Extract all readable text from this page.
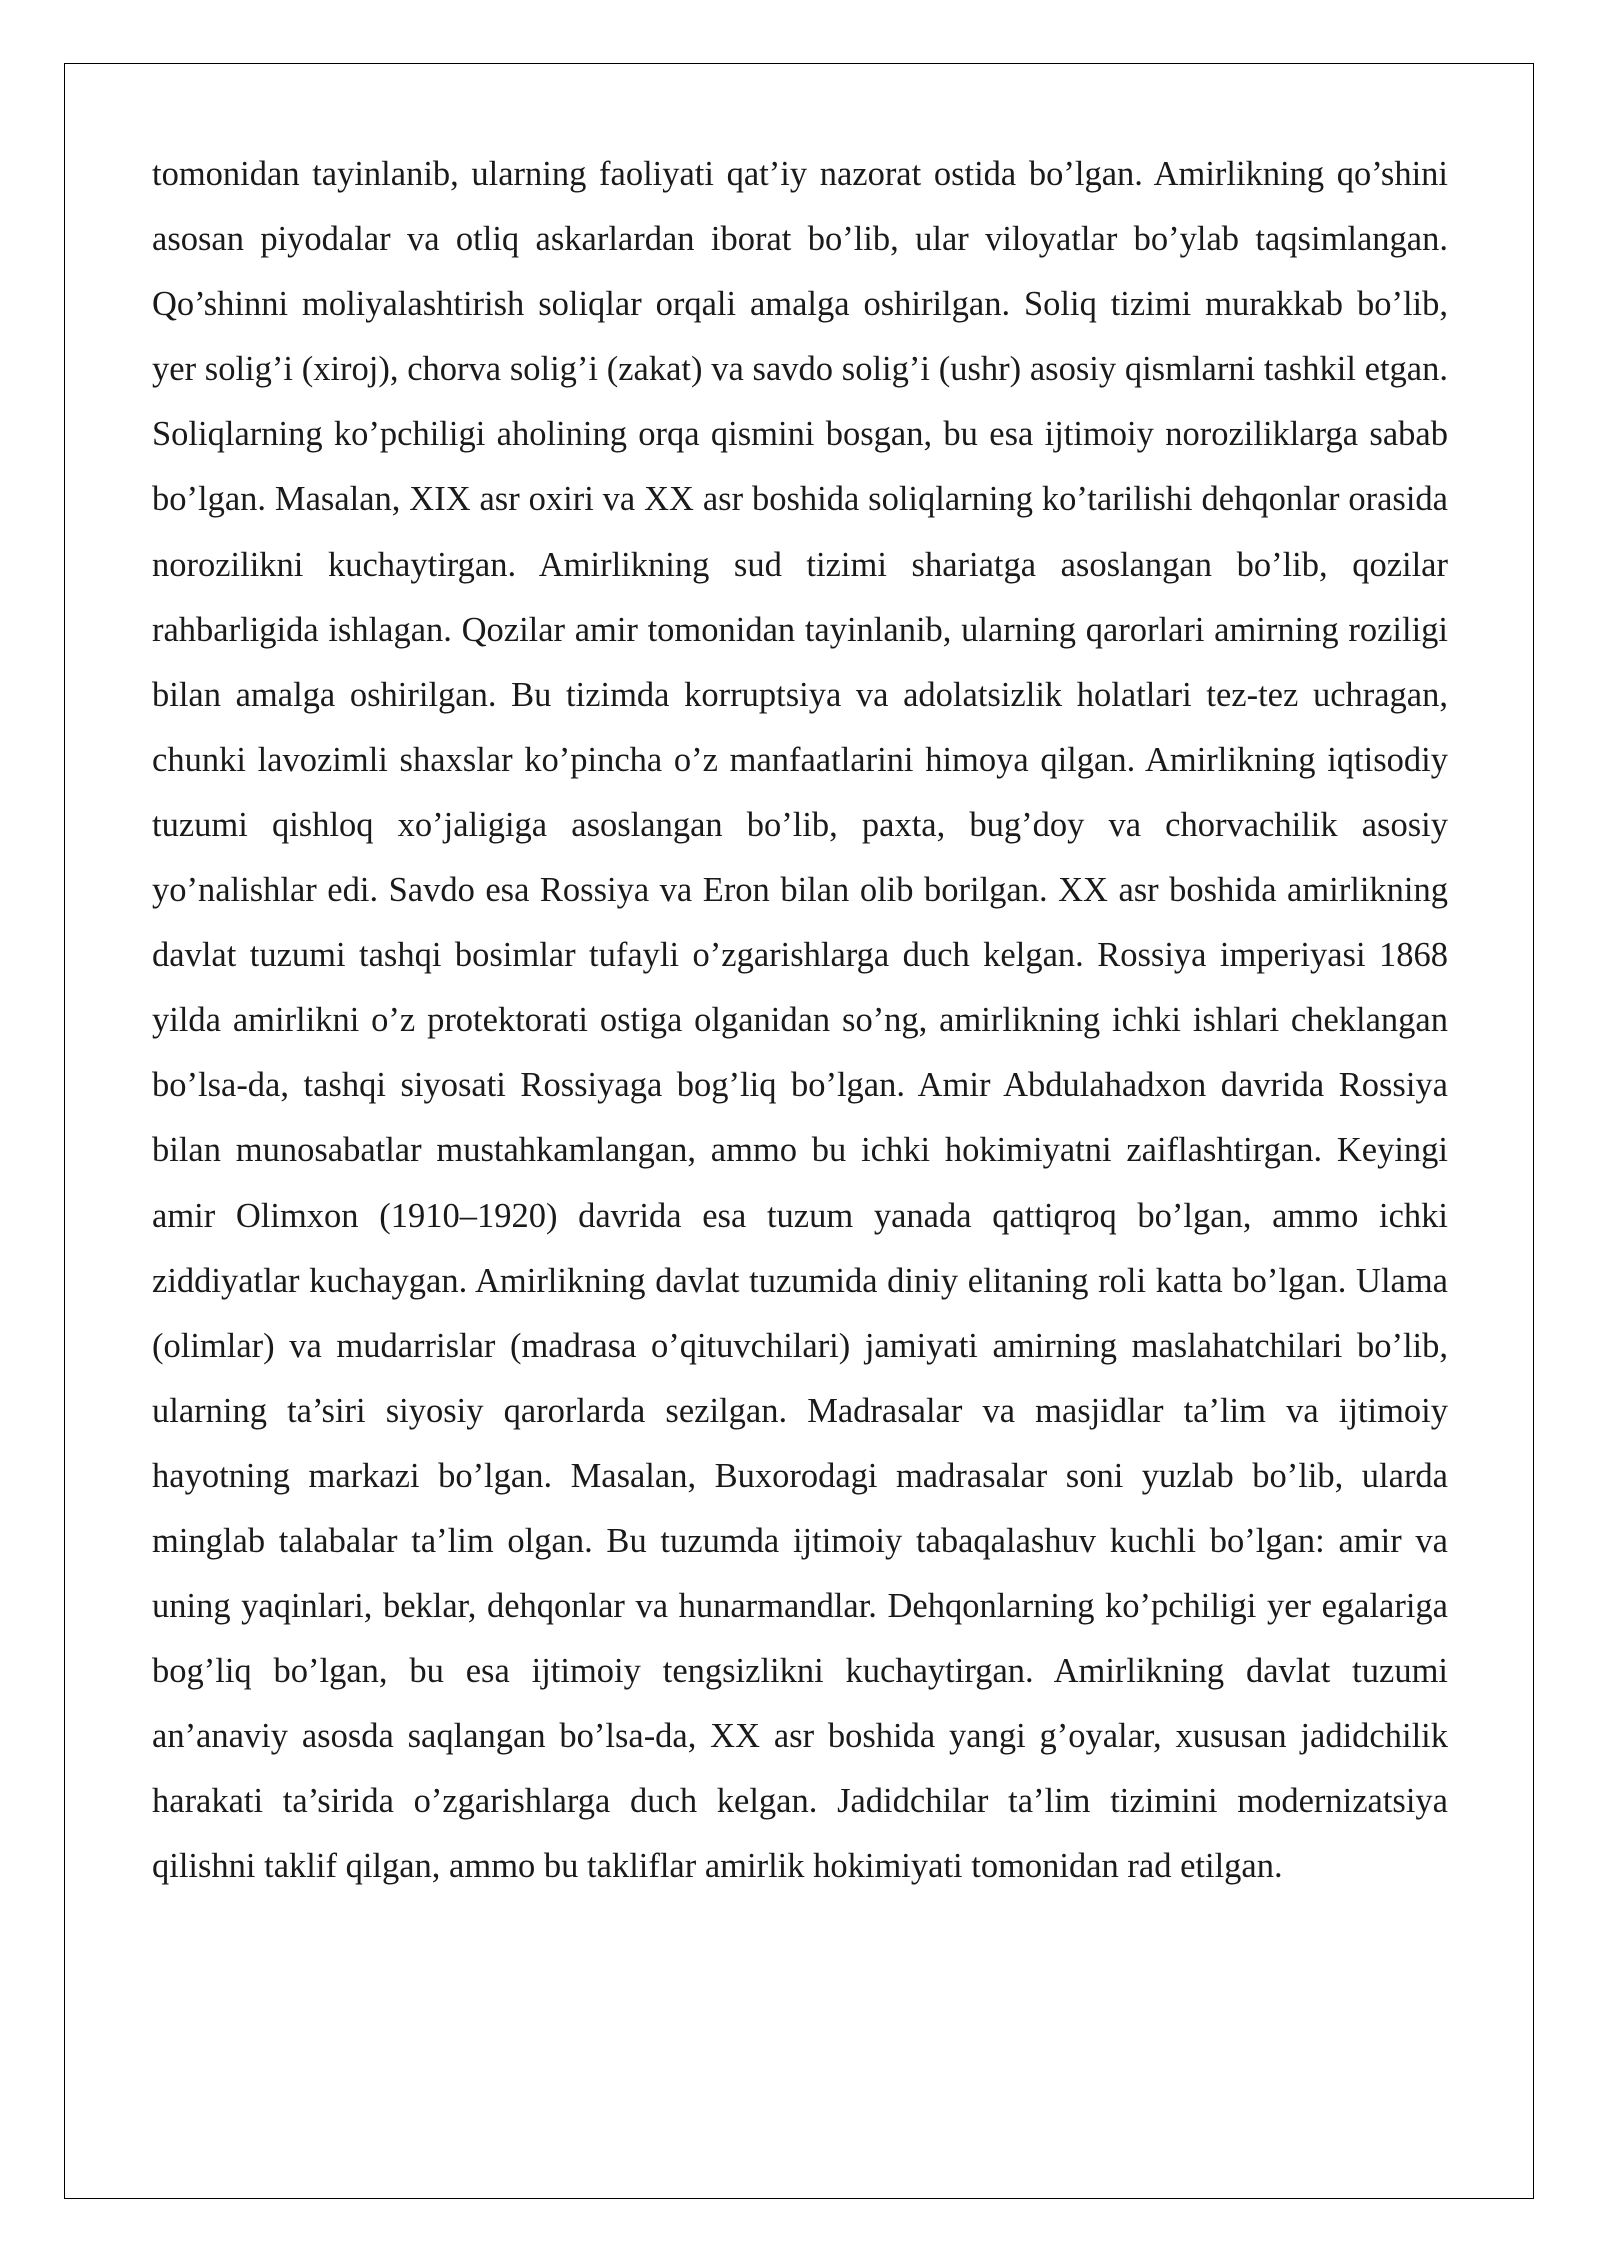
tomonidan tayinlanib, ularning faoliyati qat’iy nazorat ostida bo’lgan. Amirlikning qo’shini asosan piyodalar va otliq askarlardan iborat bo’lib, ular viloyatlar bo’ylab taqsimlangan. Qo’shinni moliyalashtirish soliqlar orqali amalga oshirilgan. Soliq tizimi murakkab bo’lib, yer solig’i (xiroj), chorva solig’i (zakat) va savdo solig’i (ushr) asosiy qismlarni tashkil etgan. Soliqlarning ko’pchiligi aholining orqa qismini bosgan, bu esa ijtimoiy noroziliklarga sabab bo’lgan. Masalan, XIX asr oxiri va XX asr boshida soliqlarning ko’tarilishi dehqonlar orasida norozilikni kuchaytirgan. Amirlikning sud tizimi shariatga asoslangan bo’lib, qozilar rahbarligida ishlagan. Qozilar amir tomonidan tayinlanib, ularning qarorlari amirning roziligi bilan amalga oshirilgan. Bu tizimda korruptsiya va adolatsizlik holatlari tez-tez uchragan, chunki lavozimli shaxslar ko’pincha o’z manfaatlarini himoya qilgan. Amirlikning iqtisodiy tuzumi qishloq xo’jaligiga asoslangan bo’lib, paxta, bug’doy va chorvachilik asosiy yo’nalishlar edi. Savdo esa Rossiya va Eron bilan olib borilgan. XX asr boshida amirlikning davlat tuzumi tashqi bosimlar tufayli o’zgarishlarga duch kelgan. Rossiya imperiyasi 1868 yilda amirlikni o’z protektorati ostiga olganidan so’ng, amirlikning ichki ishlari cheklangan bo’lsa-da, tashqi siyosati Rossiyaga bog’liq bo’lgan. Amir Abdulahadxon davrida Rossiya bilan munosabatlar mustahkamlangan, ammo bu ichki hokimiyatni zaiflashtirgan. Keyingi amir Olimxon (1910–1920) davrida esa tuzum yanada qattiqroq bo’lgan, ammo ichki ziddiyatlar kuchaygan. Amirlikning davlat tuzumida diniy elitaning roli katta bo’lgan. Ulama (olimlar) va mudarrislar (madrasa o’qituvchilari) jamiyati amirning maslahatchilari bo’lib, ularning ta’siri siyosiy qarorlarda sezilgan. Madrasalar va masjidlar ta’lim va ijtimoiy hayotning markazi bo’lgan. Masalan, Buxorodagi madrasalar soni yuzlab bo’lib, ularda minglab talabalar ta’lim olgan. Bu tuzumda ijtimoiy tabaqalashuv kuchli bo’lgan: amir va uning yaqinlari, beklar, dehqonlar va hunarmandlar. Dehqonlarning ko’pchiligi yer egalariga bog’liq bo’lgan, bu esa ijtimoiy tengsizlikni kuchaytirgan. Amirlikning davlat tuzumi an’anaviy asosda saqlangan bo’lsa-da, XX asr boshida yangi g’oyalar, xususan jadidchilik harakati ta’sirida o’zgarishlarga duch kelgan. Jadidchilar ta’lim tizimini modernizatsiya qilishni taklif qilgan, ammo bu takliflar amirlik hokimiyati tomonidan rad etilgan.
